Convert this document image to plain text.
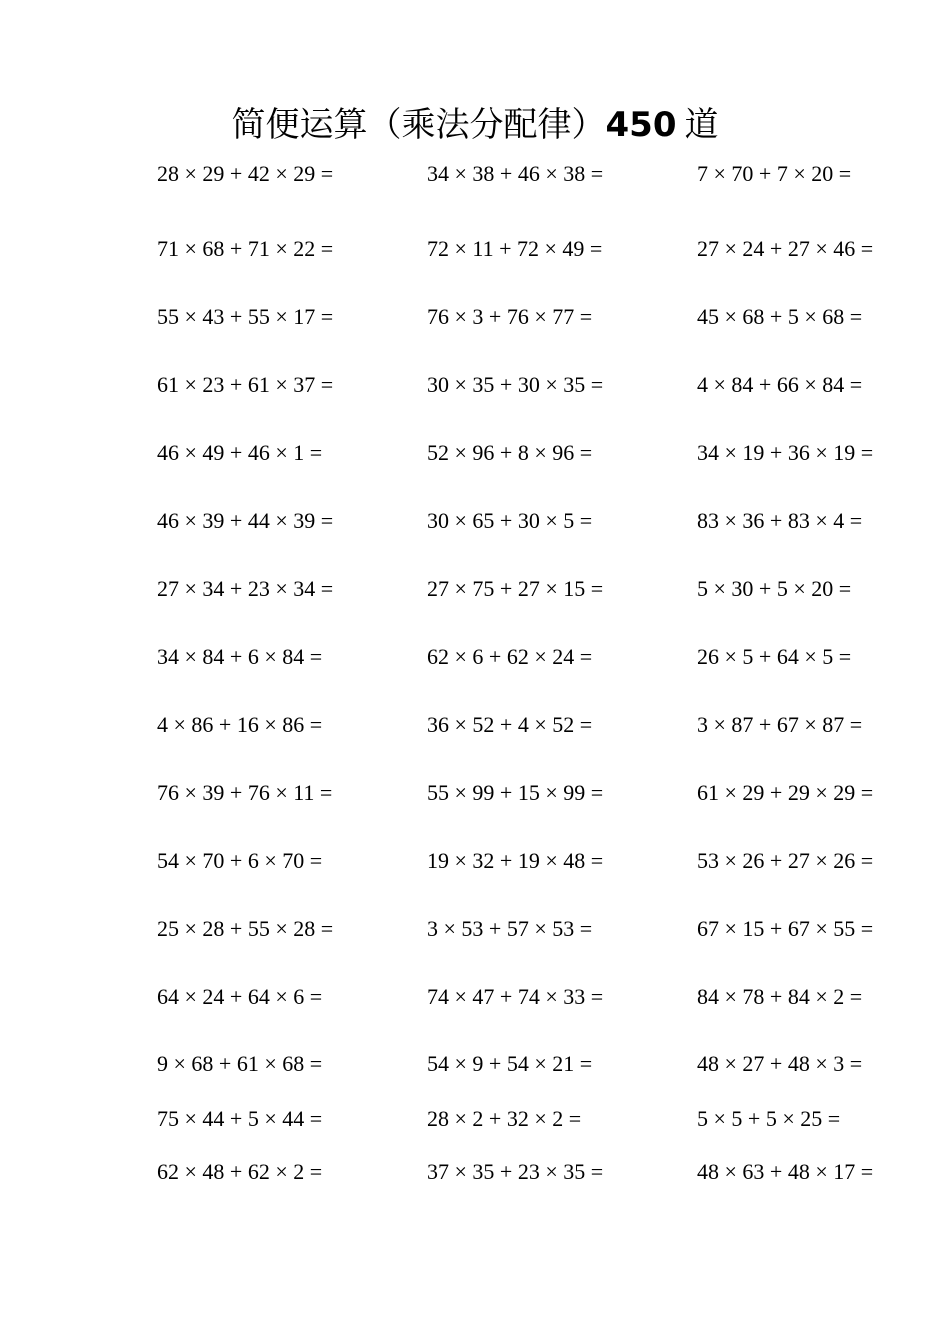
简便运算（乘法分配律）450 道
28 × 29 + 42 × 29 =	34 × 38 + 46 × 38 =	7 × 70 + 7 × 20 =
71 × 68 + 71 × 22 =	72 × 11 + 72 × 49 =	27 × 24 + 27 × 46 =
55 × 43 + 55 × 17 =	76 × 3 + 76 × 77 =	45 × 68 + 5 × 68 =
61 × 23 + 61 × 37 =	30 × 35 + 30 × 35 =	4 × 84 + 66 × 84 =
46 × 49 + 46 × 1 =	52 × 96 + 8 × 96 =	34 × 19 + 36 × 19 =
46 × 39 + 44 × 39 =	30 × 65 + 30 × 5 =	83 × 36 + 83 × 4 =
27 × 34 + 23 × 34 =	27 × 75 + 27 × 15 =	5 × 30 + 5 × 20 =
34 × 84 + 6 × 84 =	62 × 6 + 62 × 24 =	26 × 5 + 64 × 5 =
4 × 86 + 16 × 86 =	36 × 52 + 4 × 52 =	3 × 87 + 67 × 87 =
76 × 39 + 76 × 11 =	55 × 99 + 15 × 99 =	61 × 29 + 29 × 29 =
54 × 70 + 6 × 70 =	19 × 32 + 19 × 48 =	53 × 26 + 27 × 26 =
25 × 28 + 55 × 28 =	3 × 53 + 57 × 53 =	67 × 15 + 67 × 55 =
64 × 24 + 64 × 6 =	74 × 47 + 74 × 33 =	84 × 78 + 84 × 2 =
9 × 68 + 61 × 68 =	54 × 9 + 54 × 21 =	48 × 27 + 48 × 3 =
75 × 44 + 5 × 44 =	28 × 2 + 32 × 2 =	5 × 5 + 5 × 25 =
62 × 48 + 62 × 2 =	37 × 35 + 23 × 35 =	48 × 63 + 48 × 17 =
